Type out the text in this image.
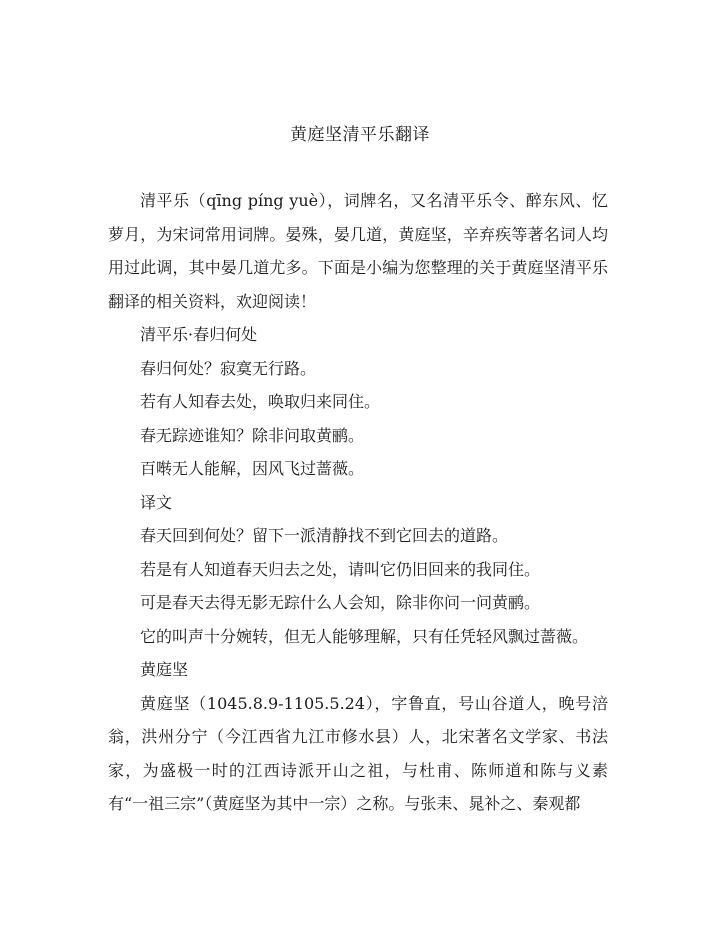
黄庭坚清平乐翻译

清平乐（qīng píng yuè），词牌名，又名清平乐令、醉东风、忆萝月，为宋词常用词牌。晏殊，晏几道，黄庭坚，辛弃疾等著名词人均用过此调，其中晏几道尤多。下面是小编为您整理的关于黄庭坚清平乐翻译的相关资料，欢迎阅读！

清平乐·春归何处

春归何处？寂寞无行路。

若有人知春去处，唤取归来同住。

春无踪迹谁知？除非问取黄鹂。

百啭无人能解，因风飞过蔷薇。

译文

春天回到何处？留下一派清静找不到它回去的道路。

若是有人知道春天归去之处，请叫它仍旧回来的我同住。

可是春天去得无影无踪什么人会知，除非你问一问黄鹂。

它的叫声十分婉转，但无人能够理解，只有任凭轻风飘过蔷薇。

黄庭坚

黄庭坚（1045.8.9-1105.5.24），字鲁直，号山谷道人，晚号涪翁，洪州分宁（今江西省九江市修水县）人，北宋著名文学家、书法家，为盛极一时的江西诗派开山之祖，与杜甫、陈师道和陈与义素有“一祖三宗”（黄庭坚为其中一宗）之称。与张耒、晁补之、秦观都
